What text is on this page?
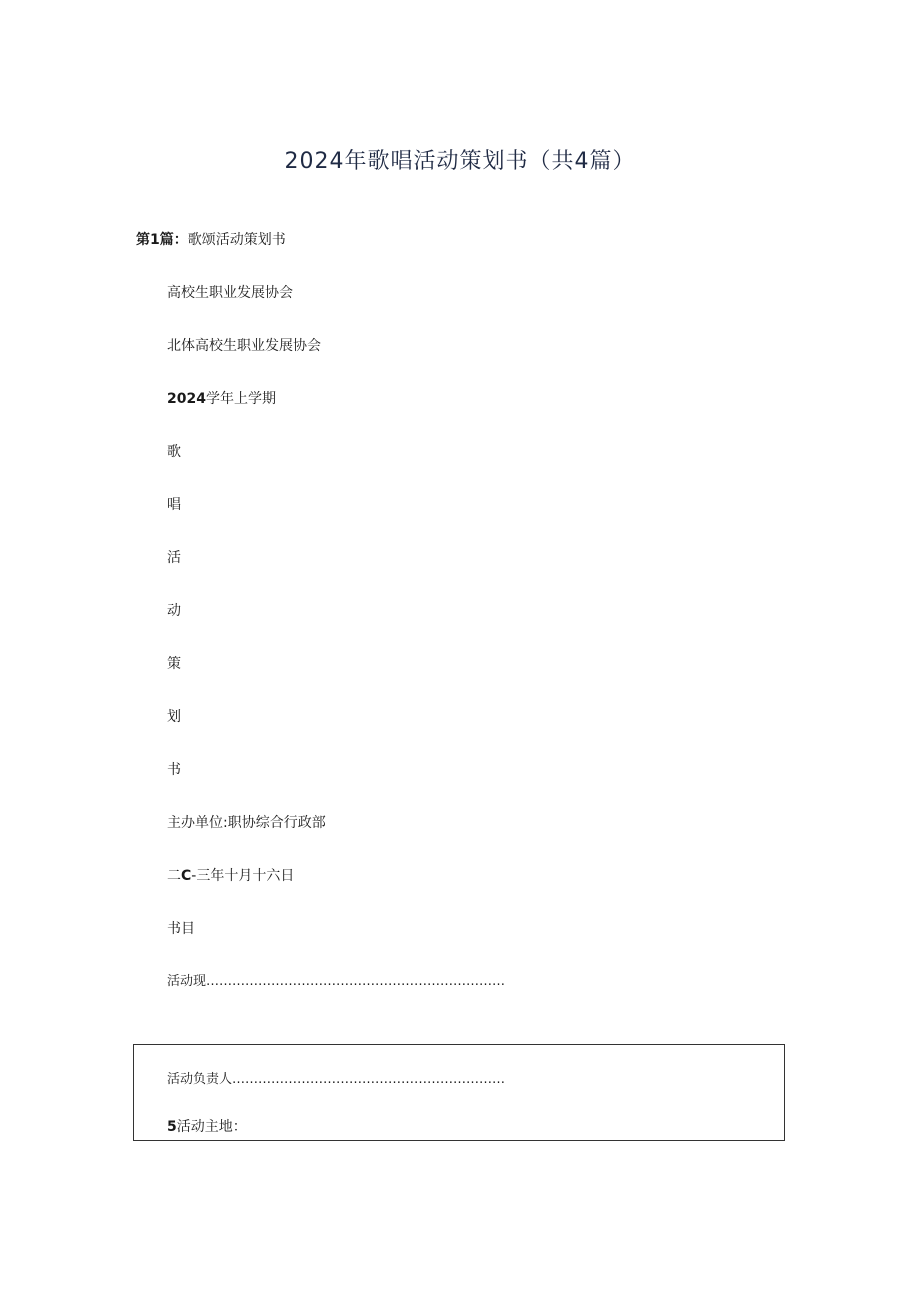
2024年歌唱活动策划书（共4篇）
第1篇：歌颂活动策划书
高校生职业发展协会
北体高校生职业发展协会
2024学年上学期
歌
唱
活
动
策
划
书
主办单位:职协综合行政部
二C-三年十月十六日
书目
活动现……………………………………………………………
活动负责人………………………………………………………
5活动主地：
